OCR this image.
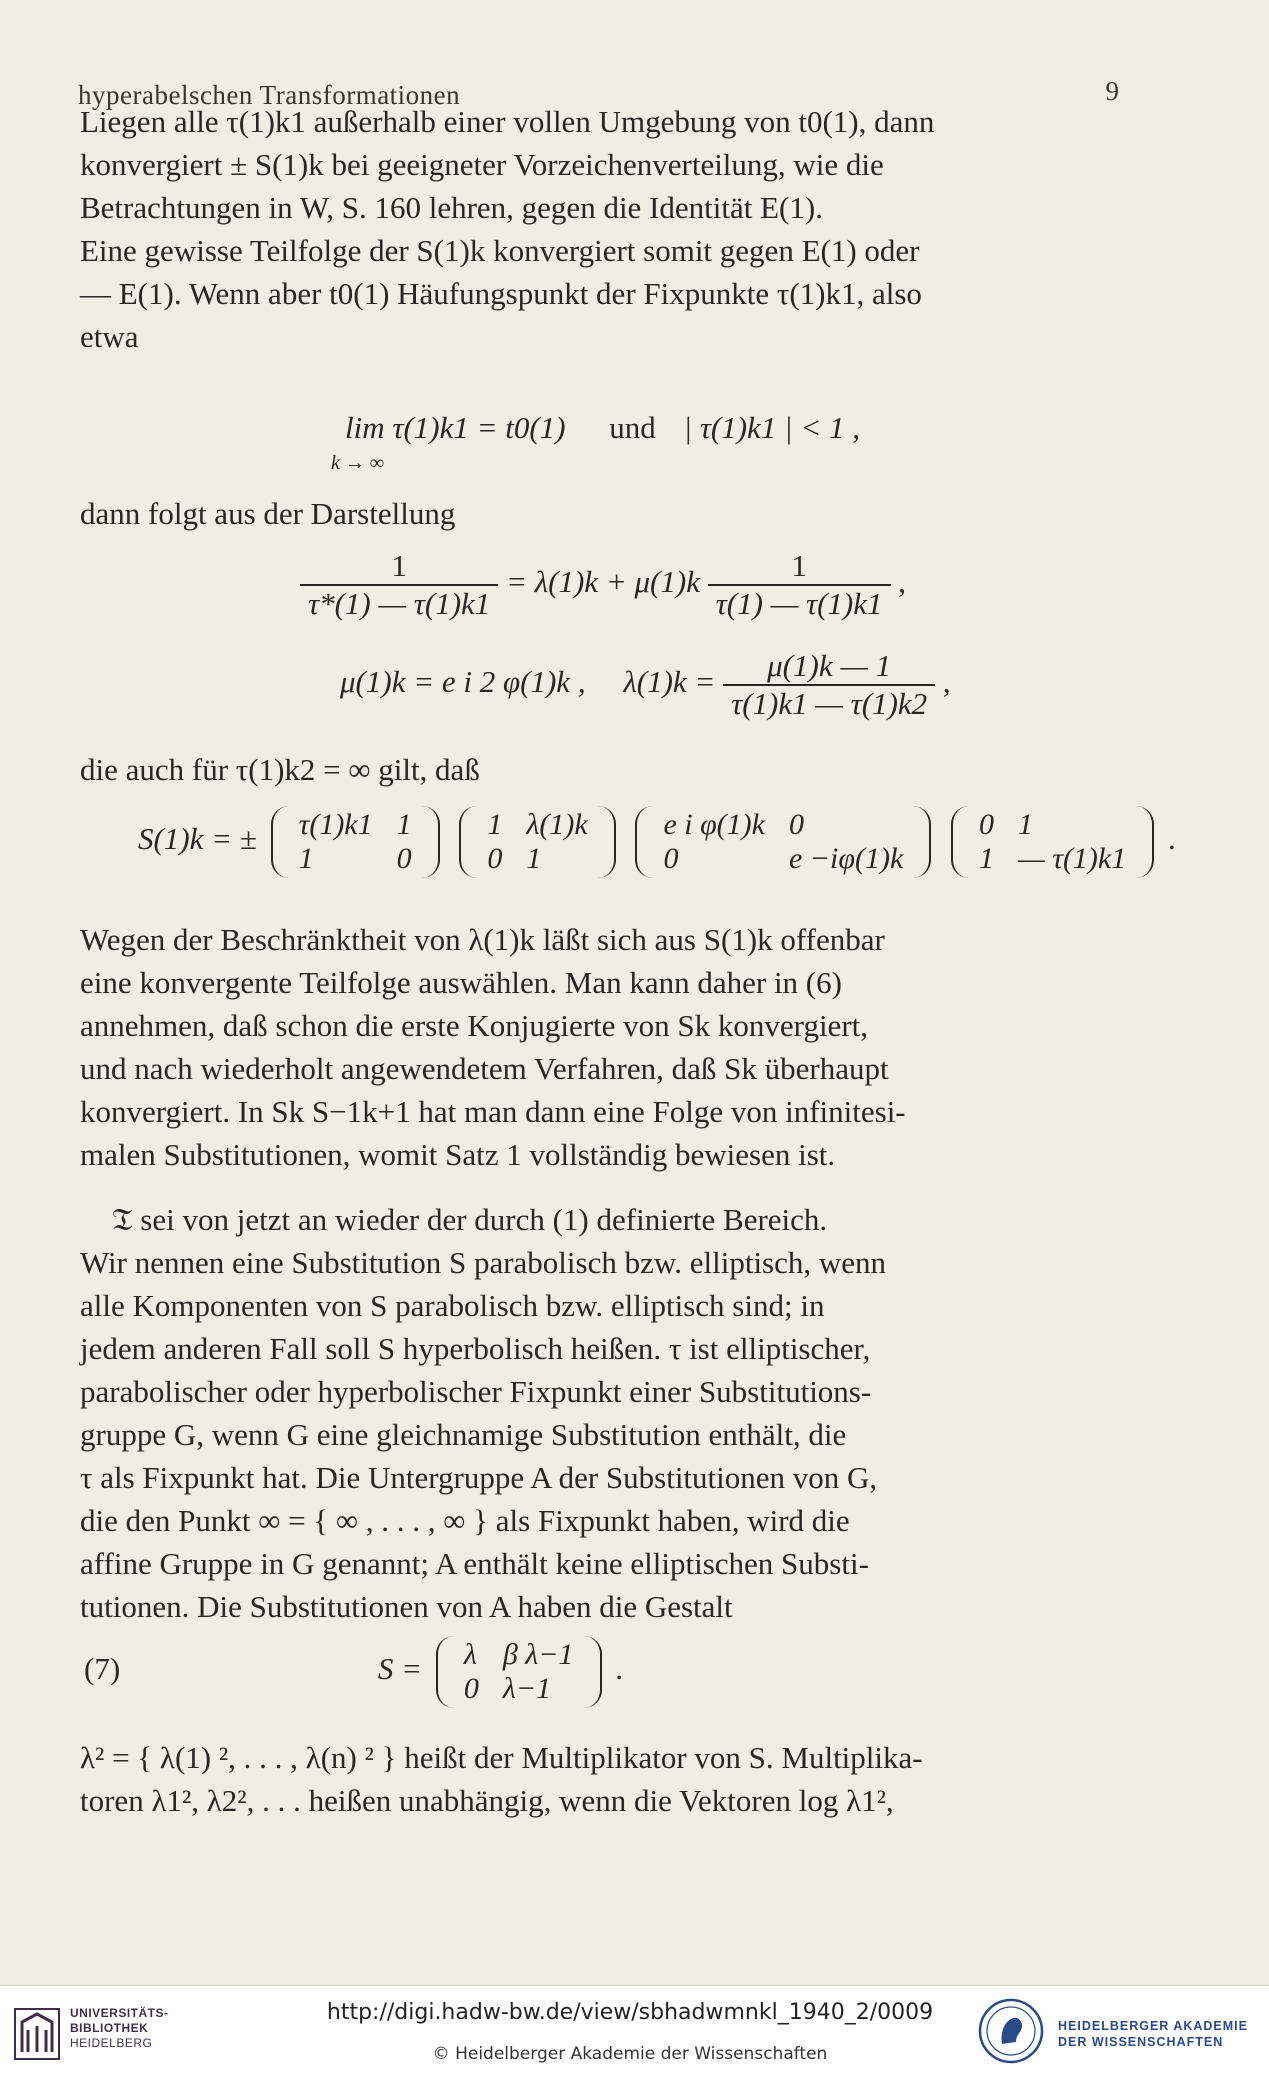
hyperabelschen Transformationen	9
Liegen alle τ(1)k1 außerhalb einer vollen Umgebung von t0(1), dann
konvergiert ± S(1)k bei geeigneter Vorzeichenverteilung, wie die
Betrachtungen in W, S. 160 lehren, gegen die Identität E(1).
Eine gewisse Teilfolge der S(1)k konvergiert somit gegen E(1) oder
— E(1). Wenn aber t0(1) Häufungspunkt der Fixpunkte τ(1)k1, also
etwa
lim τ(1)k1 = t0(1) und | τ(1)k1 | < 1 ,
k → ∞
dann folgt aus der Darstellung
$\frac{1}{\tau*(1) — \tau(1)k1} = \lambda(1)k + \mu(1)k \frac{1}{\tau(1) — \tau(1)k1}$ ,
μ(1)k = e i 2 φ(1)k , $\lambda(1)k = \frac{\mu(1)k — 1}{\tau(1)k1 — \tau(1)k2}$ ,
die auch für τ(1)k2 = ∞ gilt, daß
S(1)k = ± τ(1)k1	1
1	0

1	λ(1)k
0	1

e i φ(1)k	0
0	e −iφ(1)k

0	1
1	— τ(1)k1
.
Wegen der Beschränktheit von λ(1)k läßt sich aus S(1)k offenbar
eine konvergente Teilfolge auswählen. Man kann daher in (6)
annehmen, daß schon die erste Konjugierte von Sk konvergiert,
und nach wiederholt angewendetem Verfahren, daß Sk überhaupt
konvergiert. In Sk S−1k+1 hat man dann eine Folge von infinitesi-
malen Substitutionen, womit Satz 1 vollständig bewiesen ist.
𝔗 sei von jetzt an wieder der durch (1) definierte Bereich.
Wir nennen eine Substitution S parabolisch bzw. elliptisch, wenn
alle Komponenten von S parabolisch bzw. elliptisch sind; in
jedem anderen Fall soll S hyperbolisch heißen. τ ist elliptischer,
parabolischer oder hyperbolischer Fixpunkt einer Substitutions-
gruppe G, wenn G eine gleichnamige Substitution enthält, die
τ als Fixpunkt hat. Die Untergruppe A der Substitutionen von G,
die den Punkt ∞ = { ∞ , . . . , ∞ } als Fixpunkt haben, wird die
affine Gruppe in G genannt; A enthält keine elliptischen Substi-
tutionen. Die Substitutionen von A haben die Gestalt
(7)	S = λ	β λ−1
0	λ−1
.
λ² = { λ(1) ², . . . , λ(n) ² } heißt der Multiplikator von S. Multiplika-
toren λ1², λ2², . . . heißen unabhängig, wenn die Vektoren log λ1²,
UNIVERSITÄTS-
BIBLIOTHEK
HEIDELBERG
http://digi.hadw-bw.de/view/sbhadwmnkl_1940_2/0009
© Heidelberger Akademie der Wissenschaften
HEIDELBERGER AKADEMIE
DER WISSENSCHAFTEN
